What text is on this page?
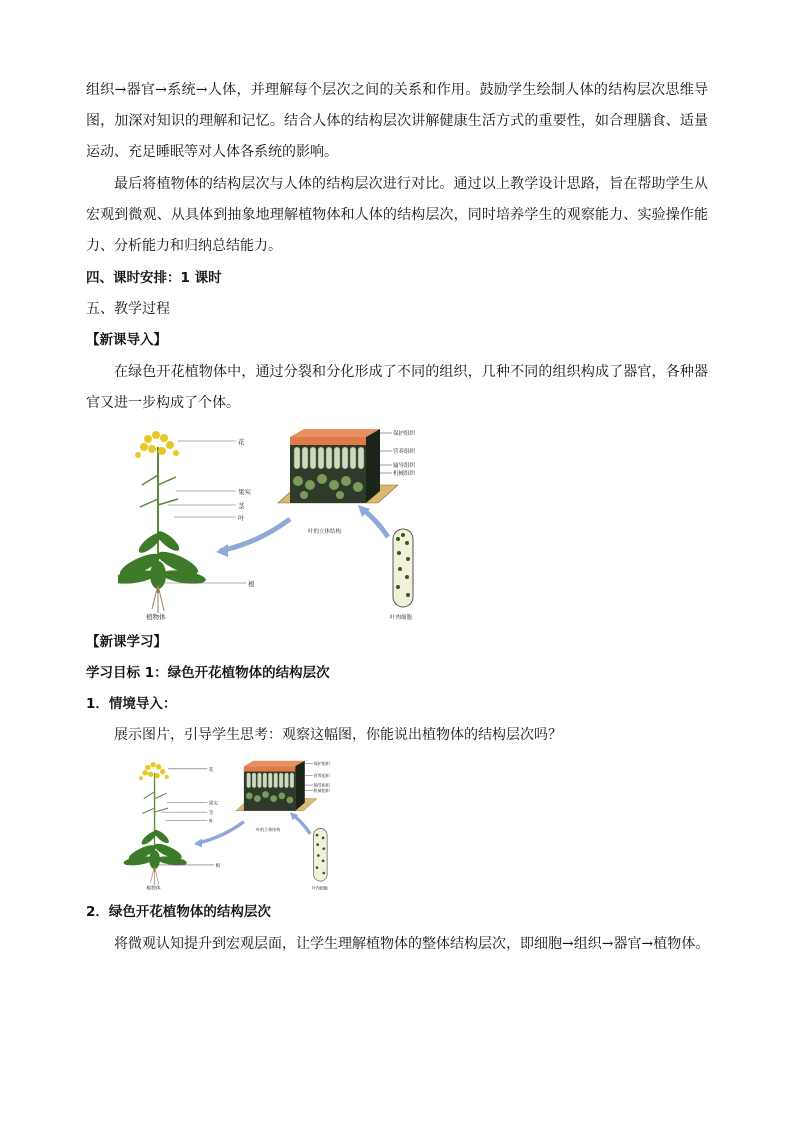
组织→器官→系统→人体，并理解每个层次之间的关系和作用。鼓励学生绘制人体的结构层次思维导图，加深对知识的理解和记忆。结合人体的结构层次讲解健康生活方式的重要性，如合理膳食、适量运动、充足睡眠等对人体各系统的影响。

最后将植物体的结构层次与人体的结构层次进行对比。通过以上教学设计思路，旨在帮助学生从宏观到微观、从具体到抽象地理解植物体和人体的结构层次，同时培养学生的观察能力、实验操作能力、分析能力和归纳总结能力。

四、课时安排：1 课时

五、教学过程

【新课导入】

在绿色开花植物体中，通过分裂和分化形成了不同的组织，几种不同的组织构成了器官，各种器官又进一步构成了个体。

花
果实
茎
叶
根
植物体
保护组织
营养组织
输导组织
机械组织
叶的立体结构
叶肉细胞

【新课学习】

学习目标 1：绿色开花植物体的结构层次

1．情境导入：

展示图片，引导学生思考：观察这幅图，你能说出植物体的结构层次吗？

花
果实
茎
叶
根
植物体
保护组织
营养组织
输导组织
机械组织
叶的立体结构
叶肉细胞

2．绿色开花植物体的结构层次

将微观认知提升到宏观层面，让学生理解植物体的整体结构层次，即细胞→组织→器官→植物体。
